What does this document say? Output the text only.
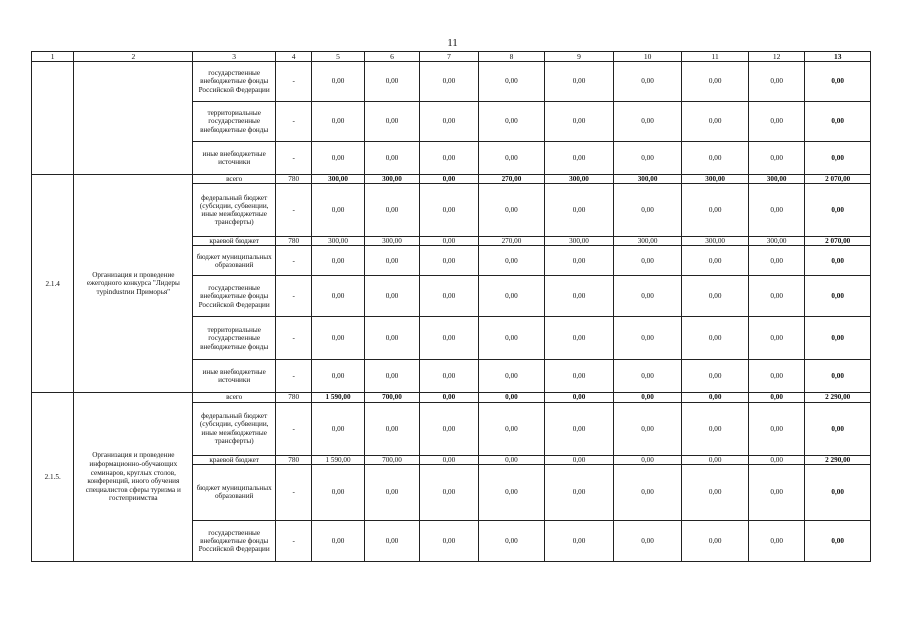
11
1	2	3	4	5	6	7	8	9	10	11	12	13
		государственные внебюджетные фонды Российской Федерации	-	0,00	0,00	0,00	0,00	0,00	0,00	0,00	0,00	0,00
		территориальные государственные внебюджетные фонды	-	0,00	0,00	0,00	0,00	0,00	0,00	0,00	0,00	0,00
		иные внебюджетные источники	-	0,00	0,00	0,00	0,00	0,00	0,00	0,00	0,00	0,00
2.1.4	Организация и проведение ежегодного конкурса "Лидеры турindustrии Приморья"	всего	780	300,00	300,00	0,00	270,00	300,00	300,00	300,00	300,00	2 070,00
		федеральный бюджет (субсидии, субвенции, иные межбюджетные трансферты)	-	0,00	0,00	0,00	0,00	0,00	0,00	0,00	0,00	0,00
		краевой бюджет	780	300,00	300,00	0,00	270,00	300,00	300,00	300,00	300,00	2 070,00
		бюджет муниципальных образований	-	0,00	0,00	0,00	0,00	0,00	0,00	0,00	0,00	0,00
		государственные внебюджетные фонды Российской Федерации	-	0,00	0,00	0,00	0,00	0,00	0,00	0,00	0,00	0,00
		территориальные государственные внебюджетные фонды	-	0,00	0,00	0,00	0,00	0,00	0,00	0,00	0,00	0,00
		иные внебюджетные источники	-	0,00	0,00	0,00	0,00	0,00	0,00	0,00	0,00	0,00
2.1.5.	Организация и проведение информационно-обучающих семинаров, круглых столов, конференций, иного обучения специалистов сферы туризма и гостеприимства	всего	780	1 590,00	700,00	0,00	0,00	0,00	0,00	0,00	0,00	2 290,00
		федеральный бюджет (субсидии, субвенции, иные межбюджетные трансферты)	-	0,00	0,00	0,00	0,00	0,00	0,00	0,00	0,00	0,00
		краевой бюджет	780	1 590,00	700,00	0,00	0,00	0,00	0,00	0,00	0,00	2 290,00
		бюджет муниципальных образований	-	0,00	0,00	0,00	0,00	0,00	0,00	0,00	0,00	0,00
		государственные внебюджетные фонды Российской Федерации	-	0,00	0,00	0,00	0,00	0,00	0,00	0,00	0,00	0,00
